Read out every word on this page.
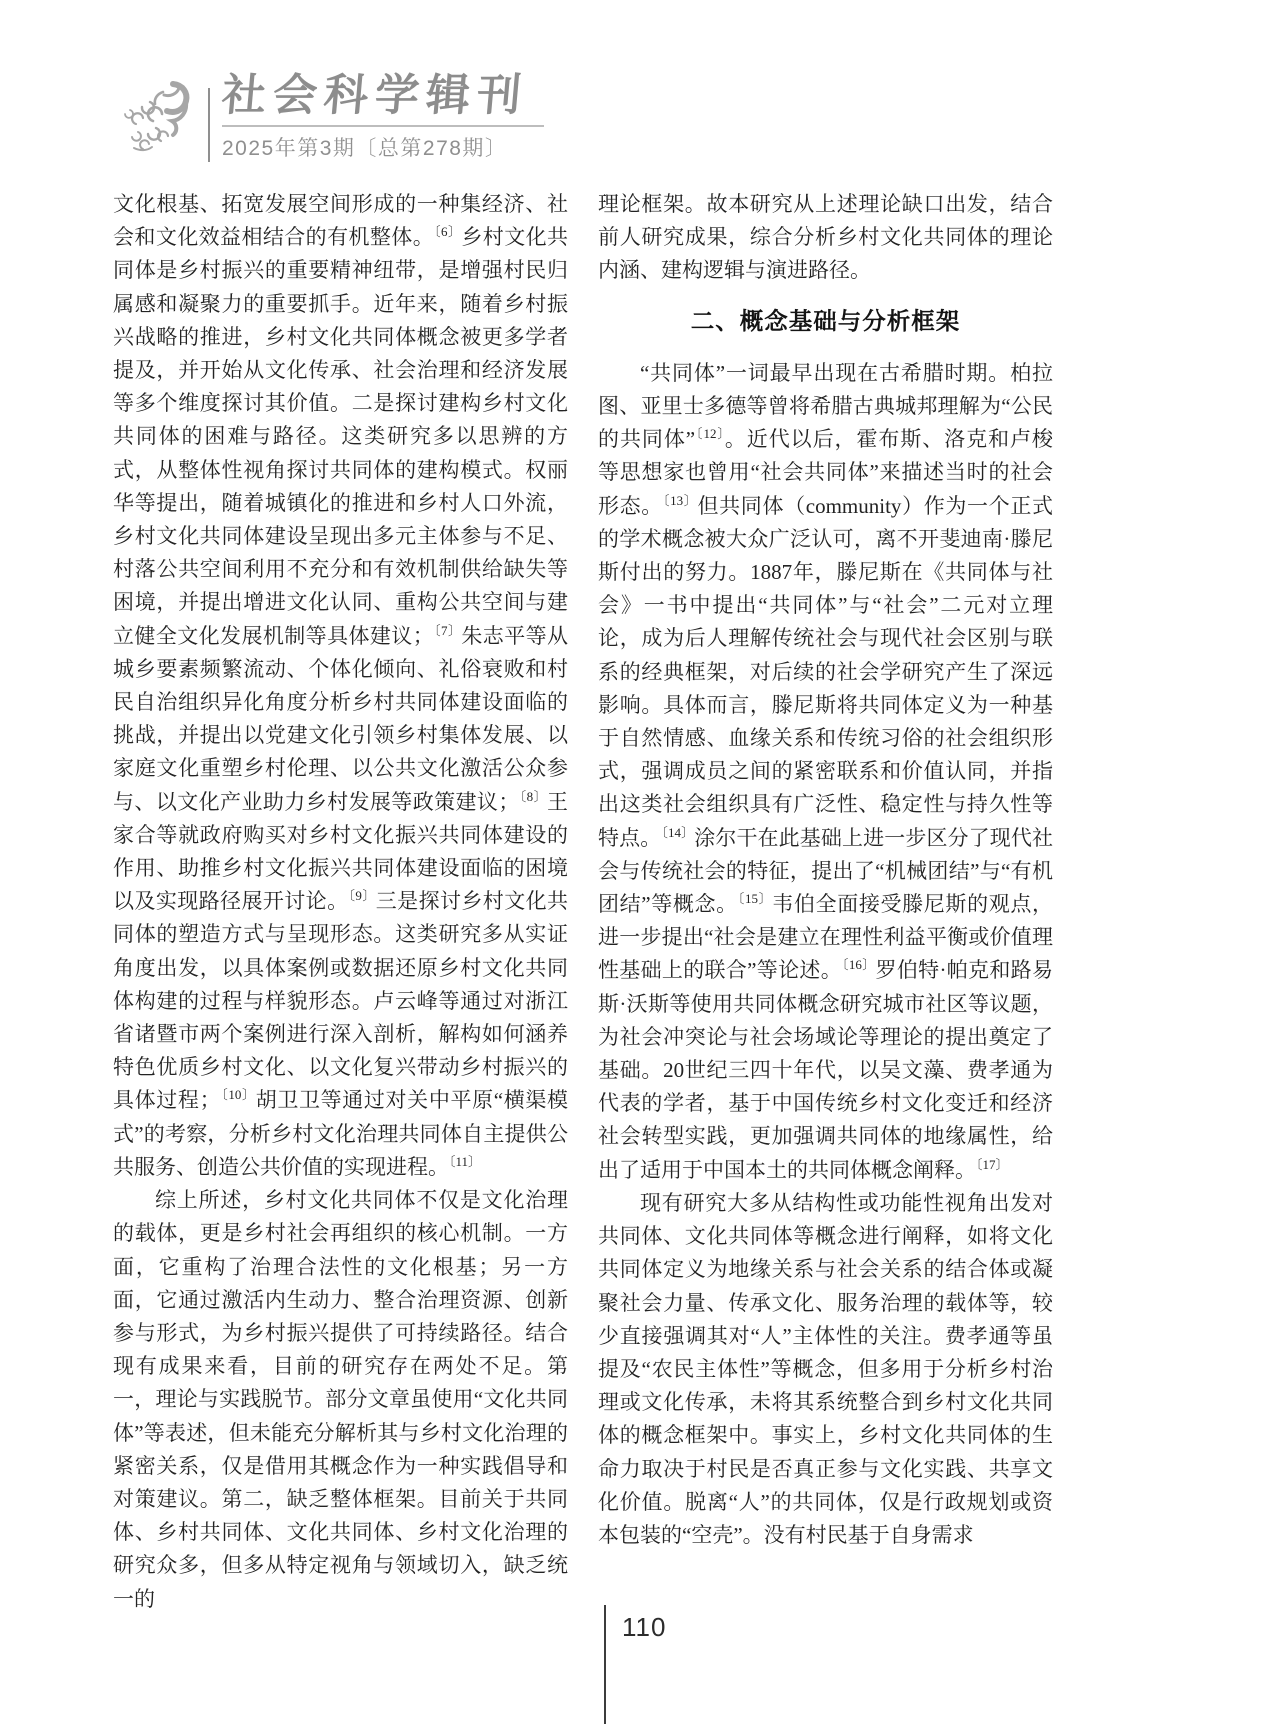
社会科学辑刊
2025年第3期〔总第278期〕

文化根基、拓宽发展空间形成的一种集经济、社会和文化效益相结合的有机整体。$^{〔6〕}$乡村文化共同体是乡村振兴的重要精神纽带，是增强村民归属感和凝聚力的重要抓手。近年来，随着乡村振兴战略的推进，乡村文化共同体概念被更多学者提及，并开始从文化传承、社会治理和经济发展等多个维度探讨其价值。二是探讨建构乡村文化共同体的困难与路径。这类研究多以思辨的方式，从整体性视角探讨共同体的建构模式。权丽华等提出，随着城镇化的推进和乡村人口外流，乡村文化共同体建设呈现出多元主体参与不足、村落公共空间利用不充分和有效机制供给缺失等困境，并提出增进文化认同、重构公共空间与建立健全文化发展机制等具体建议；$^{〔7〕}$朱志平等从城乡要素频繁流动、个体化倾向、礼俗衰败和村民自治组织异化角度分析乡村共同体建设面临的挑战，并提出以党建文化引领乡村集体发展、以家庭文化重塑乡村伦理、以公共文化激活公众参与、以文化产业助力乡村发展等政策建议；$^{〔8〕}$王家合等就政府购买对乡村文化振兴共同体建设的作用、助推乡村文化振兴共同体建设面临的困境以及实现路径展开讨论。$^{〔9〕}$三是探讨乡村文化共同体的塑造方式与呈现形态。这类研究多从实证角度出发，以具体案例或数据还原乡村文化共同体构建的过程与样貌形态。卢云峰等通过对浙江省诸暨市两个案例进行深入剖析，解构如何涵养特色优质乡村文化、以文化复兴带动乡村振兴的具体过程；$^{〔10〕}$胡卫卫等通过对关中平原“横渠模式”的考察，分析乡村文化治理共同体自主提供公共服务、创造公共价值的实现进程。$^{〔11〕}$

综上所述，乡村文化共同体不仅是文化治理的载体，更是乡村社会再组织的核心机制。一方面，它重构了治理合法性的文化根基；另一方面，它通过激活内生动力、整合治理资源、创新参与形式，为乡村振兴提供了可持续路径。结合现有成果来看，目前的研究存在两处不足。第一，理论与实践脱节。部分文章虽使用“文化共同体”等表述，但未能充分解析其与乡村文化治理的紧密关系，仅是借用其概念作为一种实践倡导和对策建议。第二，缺乏整体框架。目前关于共同体、乡村共同体、文化共同体、乡村文化治理的研究众多，但多从特定视角与领域切入，缺乏统一的

理论框架。故本研究从上述理论缺口出发，结合前人研究成果，综合分析乡村文化共同体的理论内涵、建构逻辑与演进路径。

二、概念基础与分析框架

“共同体”一词最早出现在古希腊时期。柏拉图、亚里士多德等曾将希腊古典城邦理解为“公民的共同体”$^{〔12〕}$。近代以后，霍布斯、洛克和卢梭等思想家也曾用“社会共同体”来描述当时的社会形态。$^{〔13〕}$但共同体（community）作为一个正式的学术概念被大众广泛认可，离不开斐迪南·滕尼斯付出的努力。1887年，滕尼斯在《共同体与社会》一书中提出“共同体”与“社会”二元对立理论，成为后人理解传统社会与现代社会区别与联系的经典框架，对后续的社会学研究产生了深远影响。具体而言，滕尼斯将共同体定义为一种基于自然情感、血缘关系和传统习俗的社会组织形式，强调成员之间的紧密联系和价值认同，并指出这类社会组织具有广泛性、稳定性与持久性等特点。$^{〔14〕}$涂尔干在此基础上进一步区分了现代社会与传统社会的特征，提出了“机械团结”与“有机团结”等概念。$^{〔15〕}$韦伯全面接受滕尼斯的观点，进一步提出“社会是建立在理性利益平衡或价值理性基础上的联合”等论述。$^{〔16〕}$罗伯特·帕克和路易斯·沃斯等使用共同体概念研究城市社区等议题，为社会冲突论与社会场域论等理论的提出奠定了基础。20世纪三四十年代，以吴文藻、费孝通为代表的学者，基于中国传统乡村文化变迁和经济社会转型实践，更加强调共同体的地缘属性，给出了适用于中国本土的共同体概念阐释。$^{〔17〕}$

现有研究大多从结构性或功能性视角出发对共同体、文化共同体等概念进行阐释，如将文化共同体定义为地缘关系与社会关系的结合体或凝聚社会力量、传承文化、服务治理的载体等，较少直接强调其对“人”主体性的关注。费孝通等虽提及“农民主体性”等概念，但多用于分析乡村治理或文化传承，未将其系统整合到乡村文化共同体的概念框架中。事实上，乡村文化共同体的生命力取决于村民是否真正参与文化实践、共享文化价值。脱离“人”的共同体，仅是行政规划或资本包装的“空壳”。没有村民基于自身需求

110
